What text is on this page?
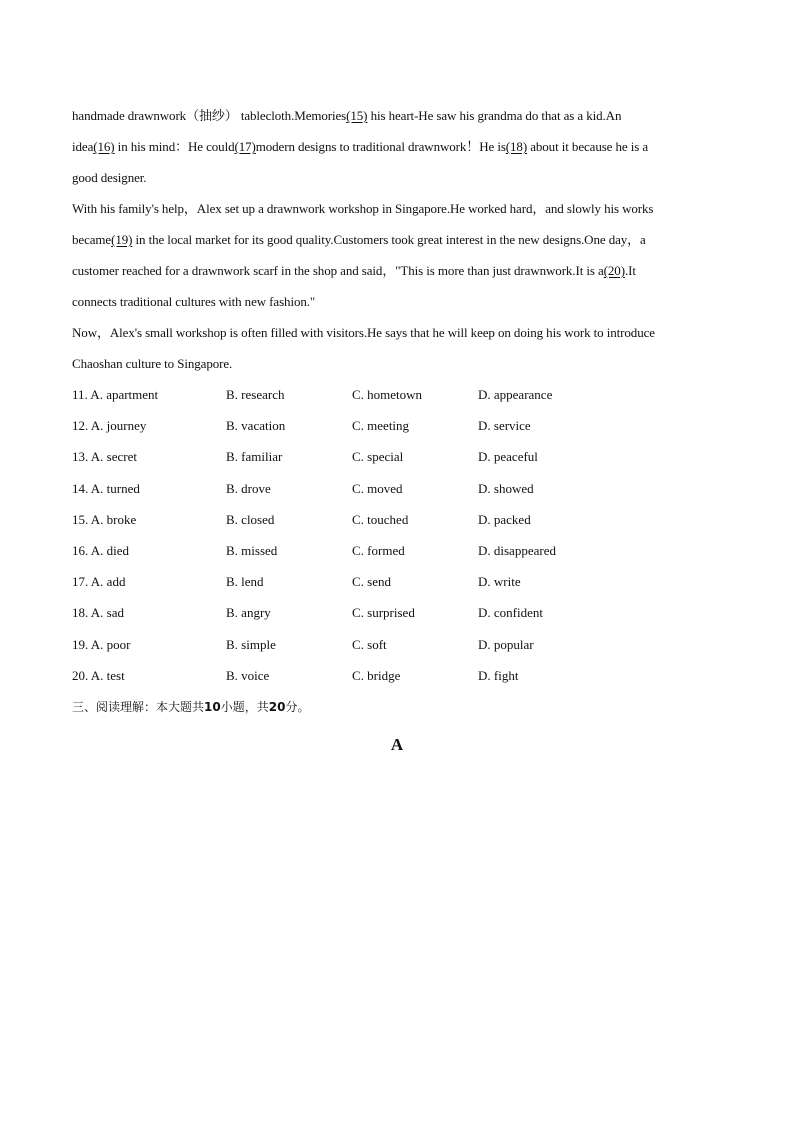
handmade drawnwork（抽纱） tablecloth.Memories(15) his heart-He saw his grandma do that as a kid.An
idea(16) in his mind：He could(17)modern designs to traditional drawnwork！He is(18) about it because he is a
good designer.
With his family's help，Alex set up a drawnwork workshop in Singapore.He worked hard，and slowly his works
became(19) in the local market for its good quality.Customers took great interest in the new designs.One day，a
customer reached for a drawnwork scarf in the shop and said，"This is more than just drawnwork.It is a(20).It
connects traditional cultures with new fashion."
Now，Alex's small workshop is often filled with visitors.He says that he will keep on doing his work to introduce
Chaoshan culture to Singapore.
11. A. apartment	B. research	C. hometown	D. appearance
12. A. journey	B. vacation	C. meeting	D. service
13. A. secret	B. familiar	C. special	D. peaceful
14. A. turned	B. drove	C. moved	D. showed
15. A. broke	B. closed	C. touched	D. packed
16. A. died	B. missed	C. formed	D. disappeared
17. A. add	B. lend	C. send	D. write
18. A. sad	B. angry	C. surprised	D. confident
19. A. poor	B. simple	C. soft	D. popular
20. A. test	B. voice	C. bridge	D. fight
三、阅读理解：本大题共10小题，共20分。
A
